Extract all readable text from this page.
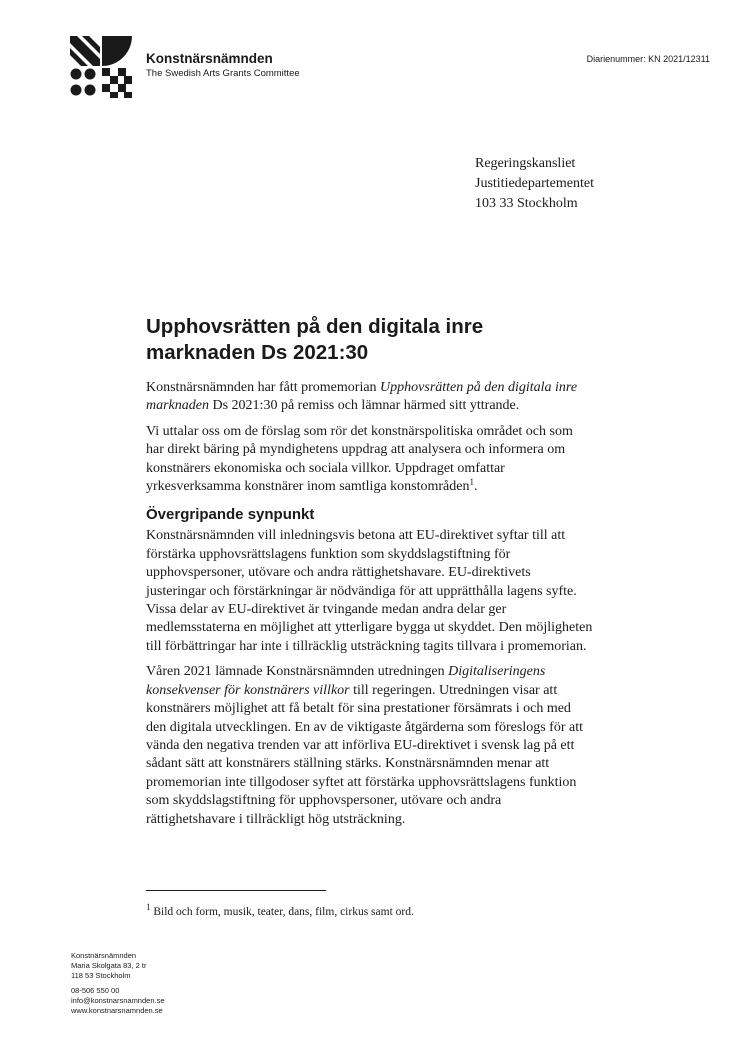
Konstnärsnämnden
The Swedish Arts Grants Committee
Diarienummer: KN 2021/12311
Regeringskansliet
Justitiedepartementet
103 33 Stockholm
Upphovsrätten på den digitala inre
marknaden Ds 2021:30

Konstnärsnämnden har fått promemorian Upphovsrätten på den digitala inre
marknaden Ds 2021:30 på remiss och lämnar härmed sitt yttrande.

Vi uttalar oss om de förslag som rör det konstnärspolitiska området och som
har direkt bäring på myndighetens uppdrag att analysera och informera om
konstnärers ekonomiska och sociala villkor. Uppdraget omfattar
yrkesverksamma konstnärer inom samtliga konstområden$^1$.

Övergripande synpunkt

Konstnärsnämnden vill inledningsvis betona att EU-direktivet syftar till att
förstärka upphovsrättslagens funktion som skyddslagstiftning för
upphovspersoner, utövare och andra rättighetshavare. EU-direktivets
justeringar och förstärkningar är nödvändiga för att upprätthålla lagens syfte.
Vissa delar av EU-direktivet är tvingande medan andra delar ger
medlemsstaterna en möjlighet att ytterligare bygga ut skyddet. Den möjligheten
till förbättringar har inte i tillräcklig utsträckning tagits tillvara i promemorian.

Våren 2021 lämnade Konstnärsnämnden utredningen Digitaliseringens
konsekvenser för konstnärers villkor till regeringen. Utredningen visar att
konstnärers möjlighet att få betalt för sina prestationer försämrats i och med
den digitala utvecklingen. En av de viktigaste åtgärderna som föreslogs för att
vända den negativa trenden var att införliva EU-direktivet i svensk lag på ett
sådant sätt att konstnärers ställning stärks. Konstnärsnämnden menar att
promemorian inte tillgodoser syftet att förstärka upphovsrättslagens funktion
som skyddslagstiftning för upphovspersoner, utövare och andra
rättighetshavare i tillräckligt hög utsträckning.

$^1$ Bild och form, musik, teater, dans, film, cirkus samt ord.
Konstnärsnämnden
Maria Skolgata 83, 2 tr
118 53 Stockholm
08-506 550 00
info@konstnarsnamnden.se
www.konstnarsnamnden.se
